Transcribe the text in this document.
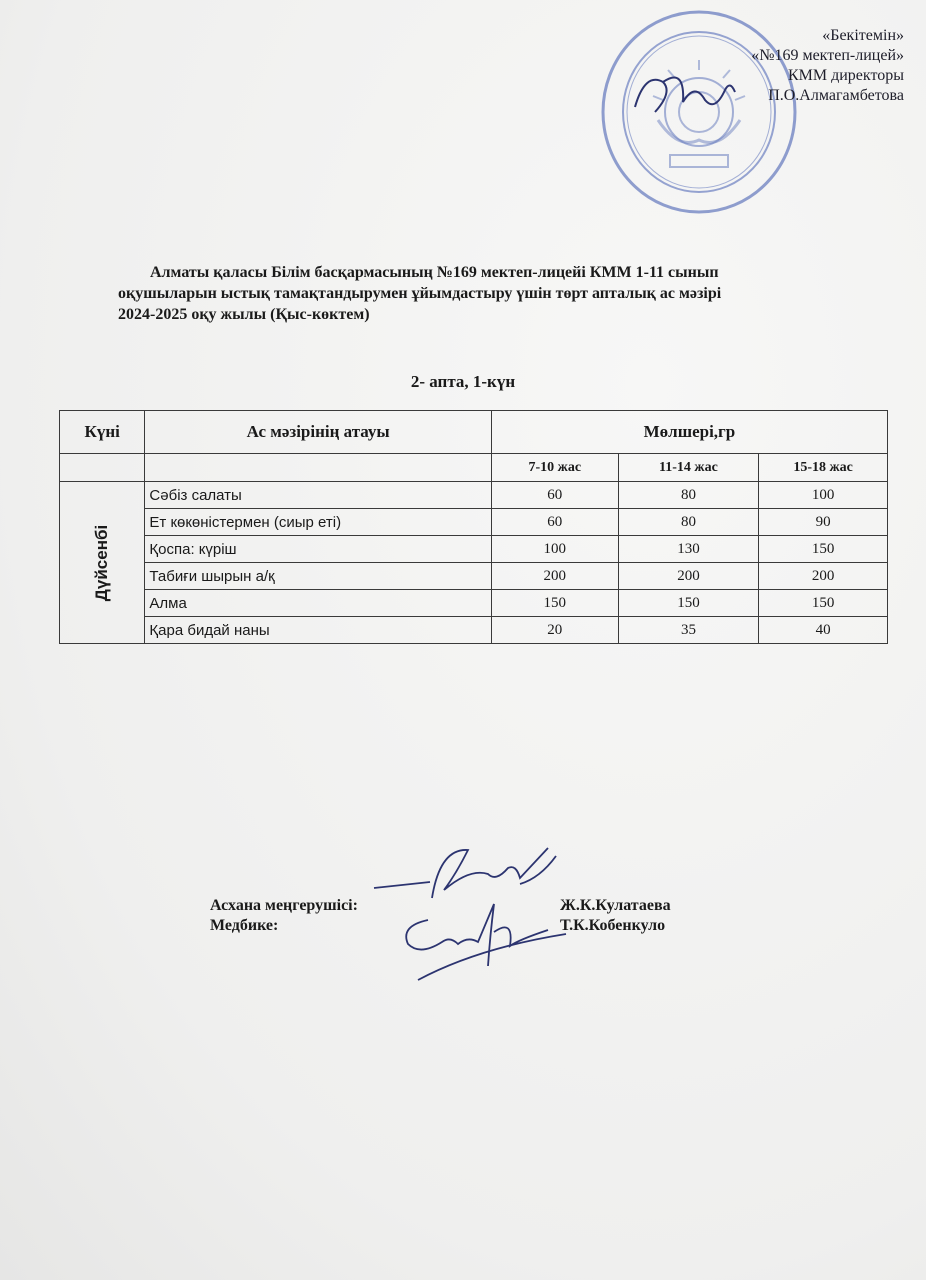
«Бекітемін»
«№169 мектеп-лицей»
КММ директоры
П.О.Алмагамбетова
Алматы қаласы Білім басқармасының №169 мектеп-лицейі КММ 1-11 сынып
оқушыларын ыстық тамақтандырумен ұйымдастыру үшін төрт апталық ас мәзірі
2024-2025 оқу жылы (Қыс-көктем)
2- апта, 1-күн
Күні	Ас мәзірінің атауы	Мөлшері,гр		
		7-10 жас	11-14 жас	15-18 жас
Дүйсенбі	Сәбіз салаты	60	80	100
	Ет көкөністермен (сиыр еті)	60	80	90
	Қоспа: күріш	100	130	150
	Табиғи шырын а/қ	200	200	200
	Алма	150	150	150
	Қара бидай наны	20	35	40
Асхана меңгерушісі:	Ж.К.Кулатаева
Медбике:	Т.К.Кобенкуло
